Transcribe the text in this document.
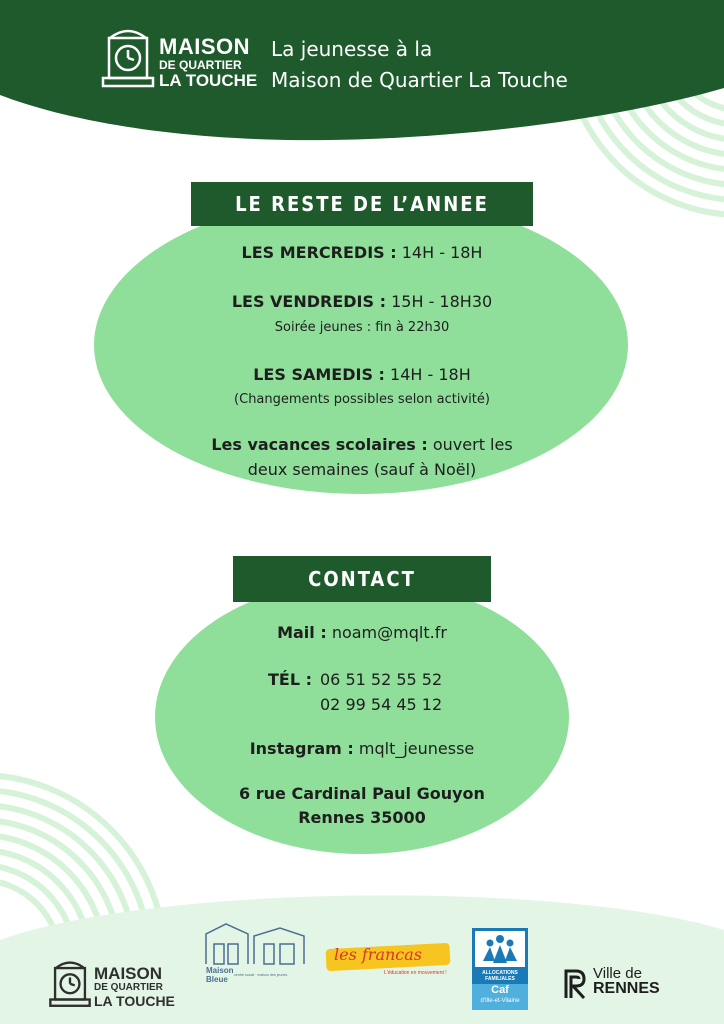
MAISON
DE QUARTIER
LA TOUCHE
La jeunesse à la
Maison de Quartier La Touche
LE RESTE DE L’ANNEE
LES MERCREDIS : 14H - 18H
LES VENDREDIS : 15H - 18H30
Soirée jeunes : fin à 22h30
LES SAMEDIS : 14H - 18H
(Changements possibles selon activité)
Les vacances scolaires : ouvert les
deux semaines (sauf à Noël)
CONTACT
Mail : noam@mqlt.fr
TÉL : 06 51 52 55 52
02 99 54 45 12
Instagram : mqlt_jeunesse
6 rue Cardinal Paul Gouyon
Rennes 35000
MAISON
DE QUARTIER
LA TOUCHE
Maison
Bleue	centre social · maison des jeunes
les francas
L'éducation en mouvement !	ALLOCATIONS
FAMILIALES
Caf
d'Ille-et-Vilaine
Ville de
RENNES
